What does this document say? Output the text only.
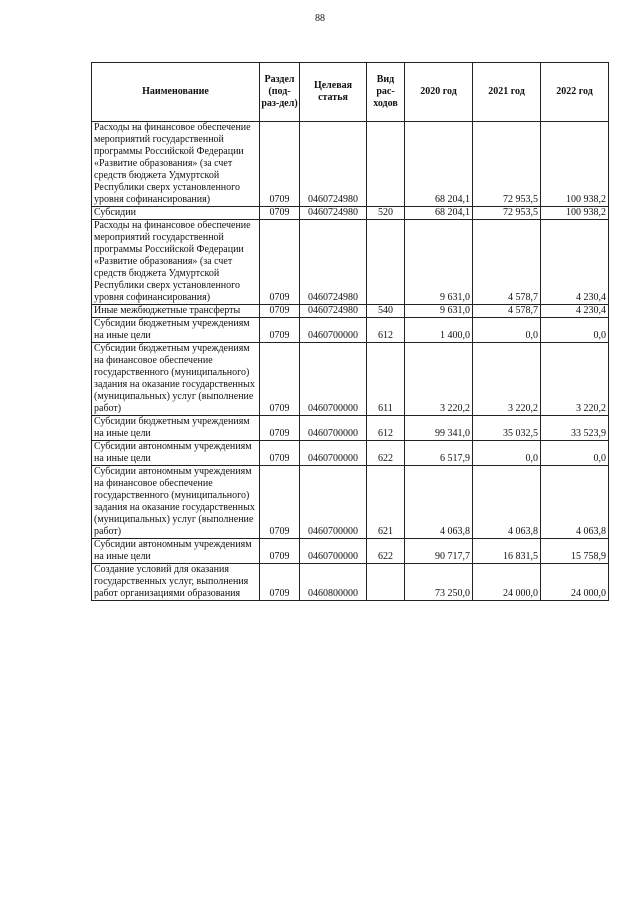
88
Наименование	Раздел (под-раз-дел)	Целевая статья	Вид рас-ходов	2020 год	2021 год	2022 год
Расходы на финансовое обеспечение мероприятий государственной программы Российской Федерации «Развитие образования» (за счет средств бюджета Удмуртской Республики сверх установленного уровня софинансирования)	0709	0460724980		68 204,1	72 953,5	100 938,2
Субсидии	0709	0460724980	520	68 204,1	72 953,5	100 938,2
Расходы на финансовое обеспечение мероприятий государственной программы Российской Федерации «Развитие образования» (за счет средств бюджета Удмуртской Республики сверх установленного уровня софинансирования)	0709	0460724980		9 631,0	4 578,7	4 230,4
Иные межбюджетные трансферты	0709	0460724980	540	9 631,0	4 578,7	4 230,4
Субсидии бюджетным учреждениям на иные цели	0709	0460700000	612	1 400,0	0,0	0,0
Субсидии бюджетным учреждениям на финансовое обеспечение государственного (муниципального) задания на оказание государственных (муниципальных) услуг (выполнение работ)	0709	0460700000	611	3 220,2	3 220,2	3 220,2
Субсидии бюджетным учреждениям на иные цели	0709	0460700000	612	99 341,0	35 032,5	33 523,9
Субсидии автономным учреждениям на иные цели	0709	0460700000	622	6 517,9	0,0	0,0
Субсидии автономным учреждениям на финансовое обеспечение государственного (муниципального) задания на оказание государственных (муниципальных) услуг (выполнение работ)	0709	0460700000	621	4 063,8	4 063,8	4 063,8
Субсидии автономным учреждениям на иные цели	0709	0460700000	622	90 717,7	16 831,5	15 758,9
Создание условий для оказания государственных услуг, выполнения работ организациями образования	0709	0460800000		73 250,0	24 000,0	24 000,0
